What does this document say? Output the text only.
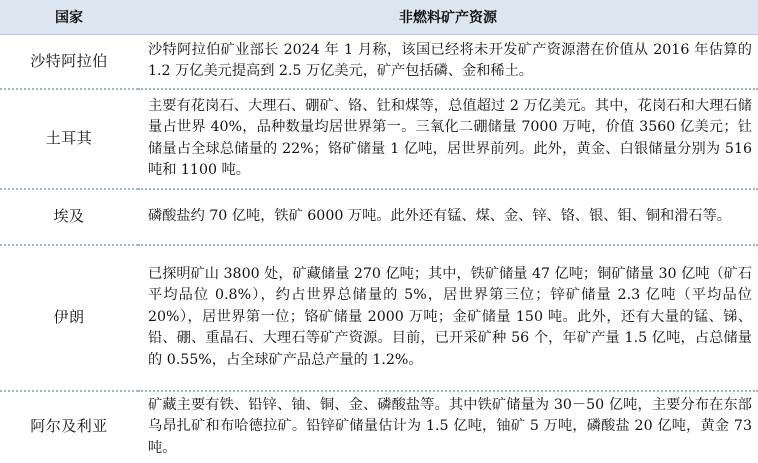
国家	非燃料矿产资源
沙特阿拉伯	沙特阿拉伯矿业部长 2024 年 1 月称，该国已经将未开发矿产资源潜在价值从 2016 年估算的 1.2 万亿美元提高到 2.5 万亿美元，矿产包括磷、金和稀土。
土耳其	主要有花岗石、大理石、硼矿、铬、钍和煤等，总值超过 2 万亿美元。其中，花岗石和大理石储量占世界 40%，品种数量均居世界第一。三氧化二硼储量 7000 万吨，价值 3560 亿美元；钍储量占全球总储量的 22%；铬矿储量 1 亿吨，居世界前列。此外，黄金、白银储量分别为 516 吨和 1100 吨。
埃及	磷酸盐约 70 亿吨，铁矿 6000 万吨。此外还有锰、煤、金、锌、铬、银、钼、铜和滑石等。
伊朗	已探明矿山 3800 处，矿藏储量 270 亿吨；其中，铁矿储量 47 亿吨；铜矿储量 30 亿吨（矿石平均品位 0.8%），约占世界总储量的 5%，居世界第三位；锌矿储量 2.3 亿吨（平均品位 20%），居世界第一位；铬矿储量 2000 万吨；金矿储量 150 吨。此外，还有大量的锰、锑、铅、硼、重晶石、大理石等矿产资源。目前，已开采矿种 56 个，年矿产量 1.5 亿吨，占总储量的 0.55%，占全球矿产品总产量的 1.2%。
阿尔及利亚	矿藏主要有铁、铅锌、铀、铜、金、磷酸盐等。其中铁矿储量为 30－50 亿吨，主要分布在东部乌昂扎矿和布哈德拉矿。铅锌矿储量估计为 1.5 亿吨，铀矿 5 万吨，磷酸盐 20 亿吨，黄金 73 吨。
